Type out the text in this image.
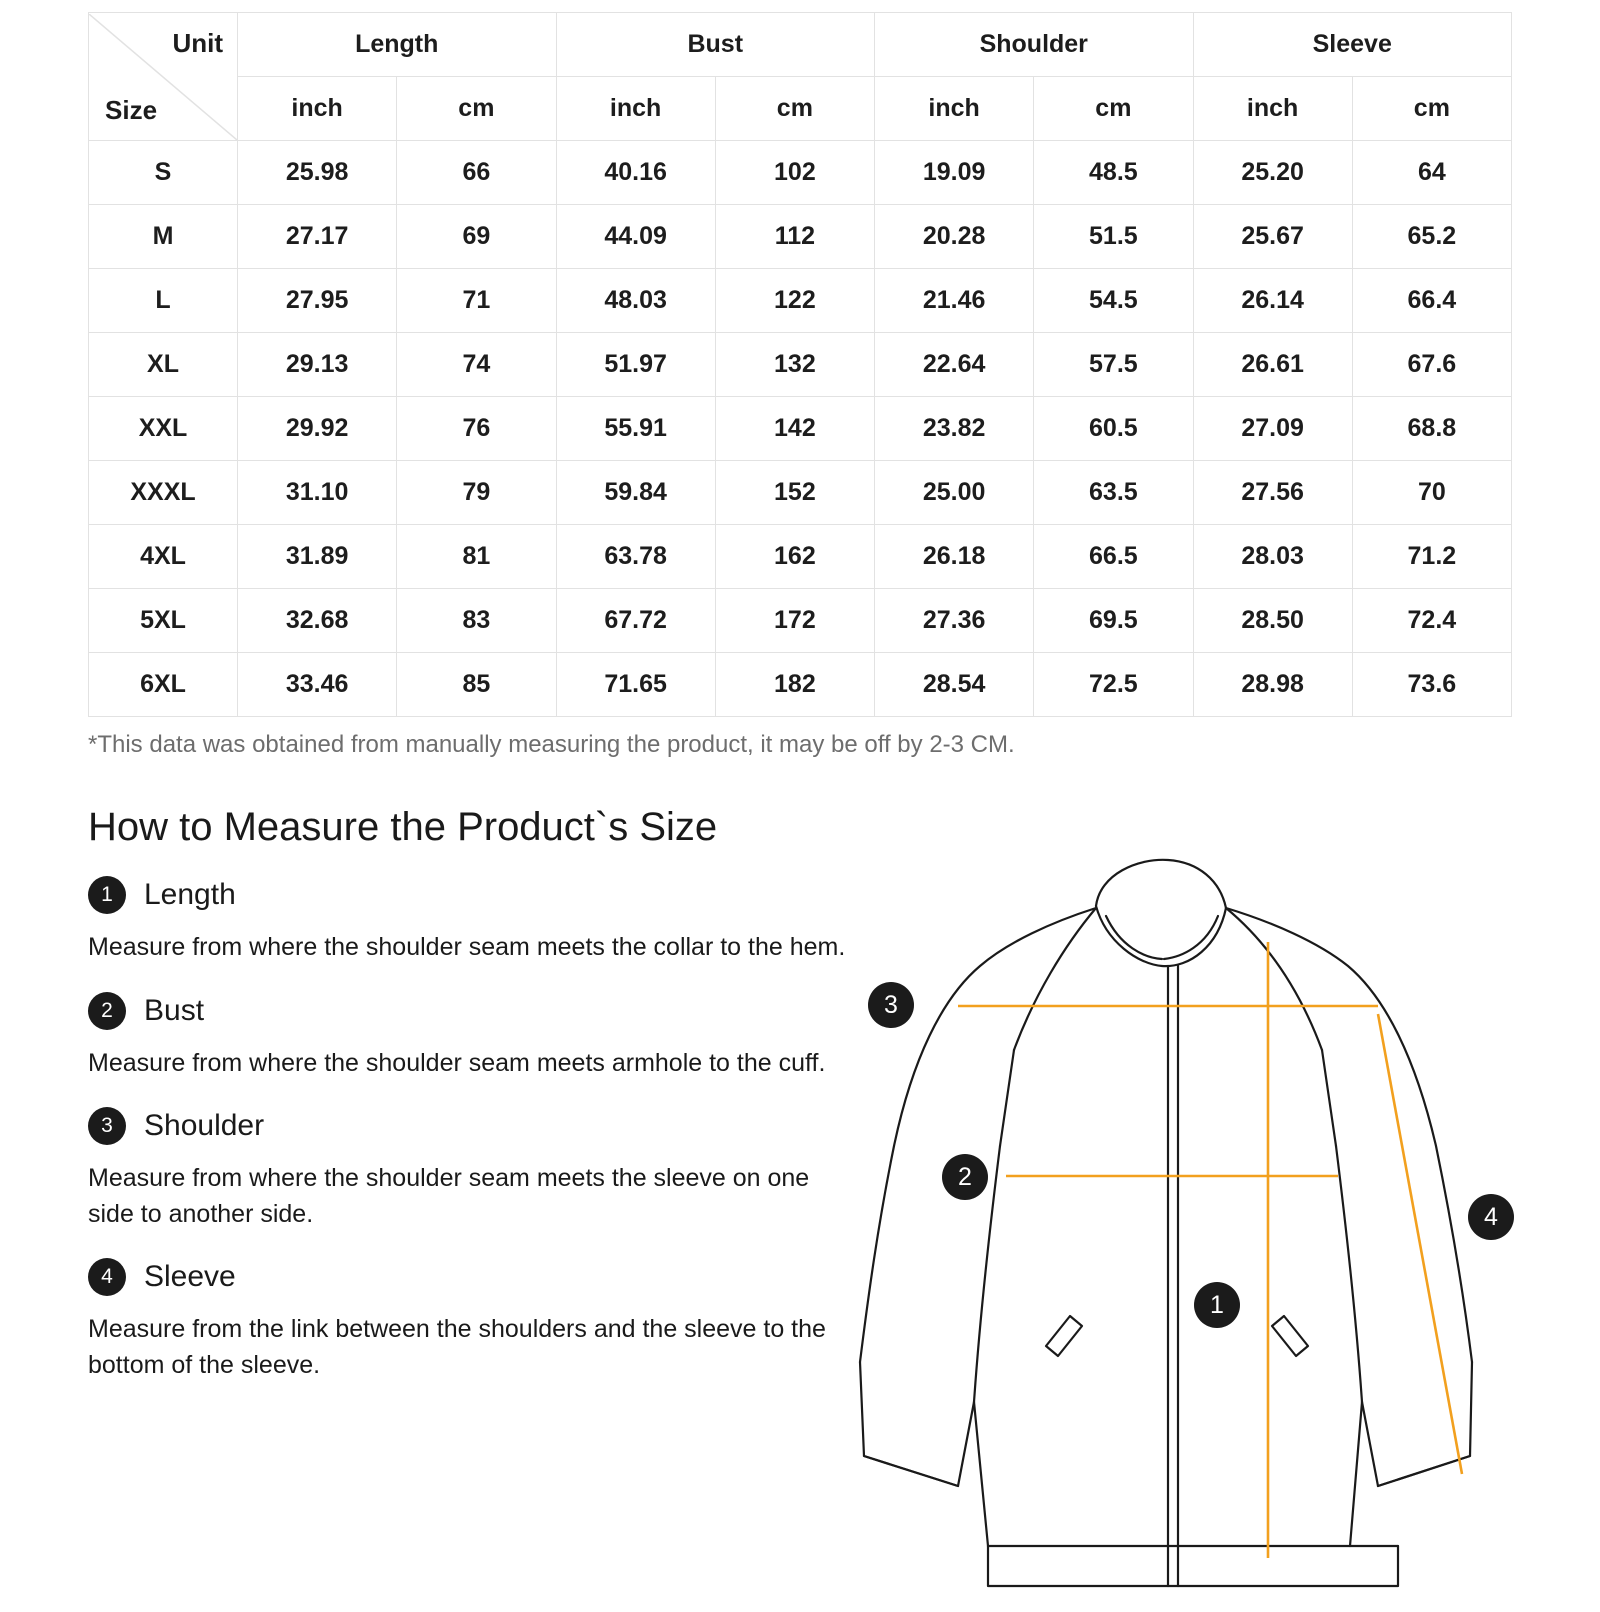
Unit
Size	Length		Bust		Shoulder		Sleeve	
	inch	cm	inch	cm	inch	cm	inch	cm
S	25.98	66	40.16	102	19.09	48.5	25.20	64
M	27.17	69	44.09	112	20.28	51.5	25.67	65.2
L	27.95	71	48.03	122	21.46	54.5	26.14	66.4
XL	29.13	74	51.97	132	22.64	57.5	26.61	67.6
XXL	29.92	76	55.91	142	23.82	60.5	27.09	68.8
XXXL	31.10	79	59.84	152	25.00	63.5	27.56	70
4XL	31.89	81	63.78	162	26.18	66.5	28.03	71.2
5XL	32.68	83	67.72	172	27.36	69.5	28.50	72.4
6XL	33.46	85	71.65	182	28.54	72.5	28.98	73.6
*This data was obtained from manually measuring the product, it may be off by 2-3 CM.
How to Measure the Product`s Size
1	Length
Measure from where the shoulder seam meets the collar to the hem.
2	Bust
Measure from where the shoulder seam meets armhole to the cuff.
3	Shoulder
Measure from where the shoulder seam meets the sleeve on one side to another side.
4	Sleeve
Measure from the link between the shoulders and the sleeve to the bottom of the sleeve.
3
2
1
4
